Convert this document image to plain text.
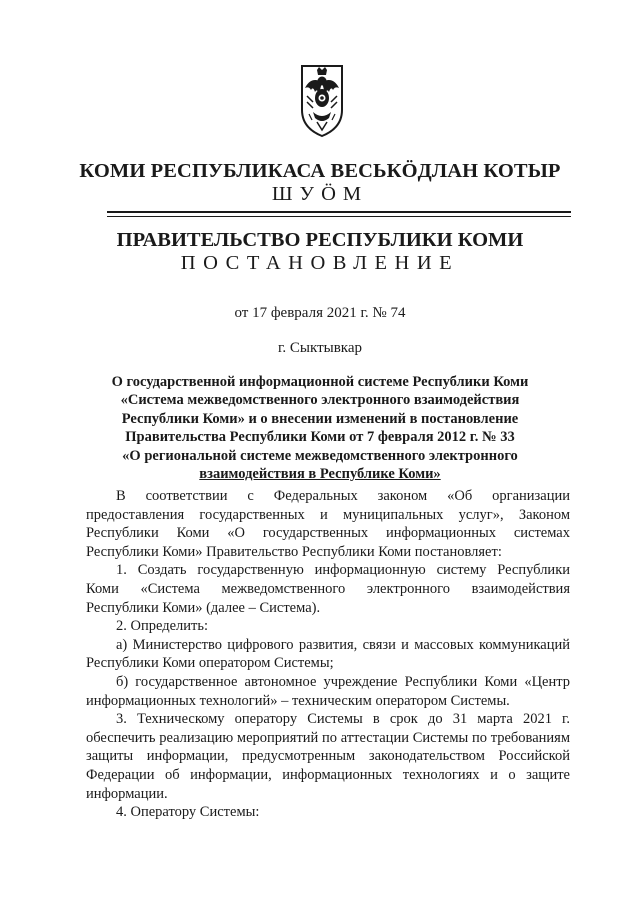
КОМИ РЕСПУБЛИКАСА ВЕСЬКӦДЛАН КОТЫР
ШУӦМ
ПРАВИТЕЛЬСТВО РЕСПУБЛИКИ КОМИ
ПОСТАНОВЛЕНИЕ
от 17 февраля 2021 г. № 74
г. Сыктывкар
О государственной информационной системе Республики Коми
«Система межведомственного электронного взаимодействия
Республики Коми» и о внесении изменений в постановление
Правительства Республики Коми от 7 февраля 2012 г. № 33
«О региональной системе межведомственного электронного
взаимодействия в Республике Коми»

В соответствии с Федеральных законом «Об организации предоставления государственных и муниципальных услуг», Законом Республики Коми «О государственных информационных системах Республики Коми» Правительство Республики Коми постановляет:

1. Создать государственную информационную систему Республики Коми «Система межведомственного электронного взаимодействия Республики Коми» (далее – Система).

2. Определить:

а) Министерство цифрового развития, связи и массовых коммуникаций Республики Коми оператором Системы;

б) государственное автономное учреждение Республики Коми «Центр информационных технологий» – техническим оператором Системы.

3. Техническому оператору Системы в срок до 31 марта 2021 г. обеспечить реализацию мероприятий по аттестации Системы по требованиям защиты информации, предусмотренным законодательством Российской Федерации об информации, информационных технологиях и о защите информации.

4. Оператору Системы:
